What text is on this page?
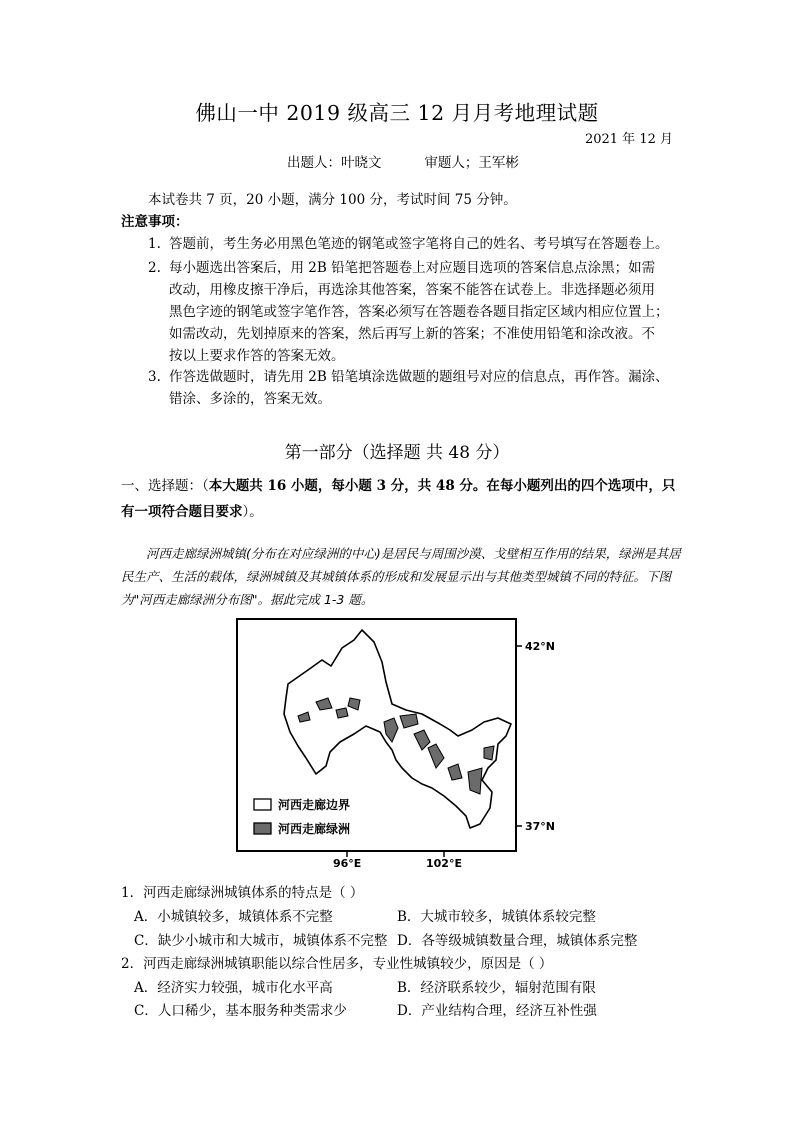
佛山一中 2019 级高三 12 月月考地理试题
2021 年 12 月
出题人：叶晓文          审题人；王军彬
本试卷共 7 页，20 小题，满分 100 分，考试时间 75 分钟。
注意事项：
1. 答题前，考生务必用黑色笔迹的钢笔或签字笔将自己的姓名、考号填写在答题卷上。
2. 每小题选出答案后，用 2B 铅笔把答题卷上对应题目选项的答案信息点涂黑；如需
改动，用橡皮擦干净后，再选涂其他答案，答案不能答在试卷上。非选择题必须用
黑色字迹的钢笔或签字笔作答，答案必须写在答题卷各题目指定区域内相应位置上；
如需改动，先划掉原来的答案，然后再写上新的答案；不准使用铅笔和涂改液。不
按以上要求作答的答案无效。
3. 作答选做题时，请先用 2B 铅笔填涂选做题的题组号对应的信息点，再作答。漏涂、
错涂、多涂的，答案无效。
第一部分（选择题 共 48 分）
一、选择题：（本大题共 16 小题，每小题 3 分，共 48 分。在每小题列出的四个选项中，只有一项符合题目要求）。
河西走廊绿洲城镇(分布在对应绿洲的中心)是居民与周围沙漠、戈壁相互作用的结果，绿洲是其居民生产、生活的载体，绿洲城镇及其城镇体系的形成和发展显示出与其他类型城镇不同的特征。下图为"河西走廊绿洲分布图"。据此完成 1-3 题。
河西走廊边界
河西走廊绿洲
42°N
37°N
96°E	102°E
1．河西走廊绿洲城镇体系的特点是（ ）
A．小城镇较多，城镇体系不完整	B．大城市较多，城镇体系较完整
C．缺少小城市和大城市，城镇体系不完整 D．各等级城镇数量合理，城镇体系完整
2．河西走廊绿洲城镇职能以综合性居多，专业性城镇较少，原因是（ ）
A．经济实力较强，城市化水平高	B．经济联系较少，辐射范围有限
C．人口稀少，基本服务种类需求少	D．产业结构合理，经济互补性强
